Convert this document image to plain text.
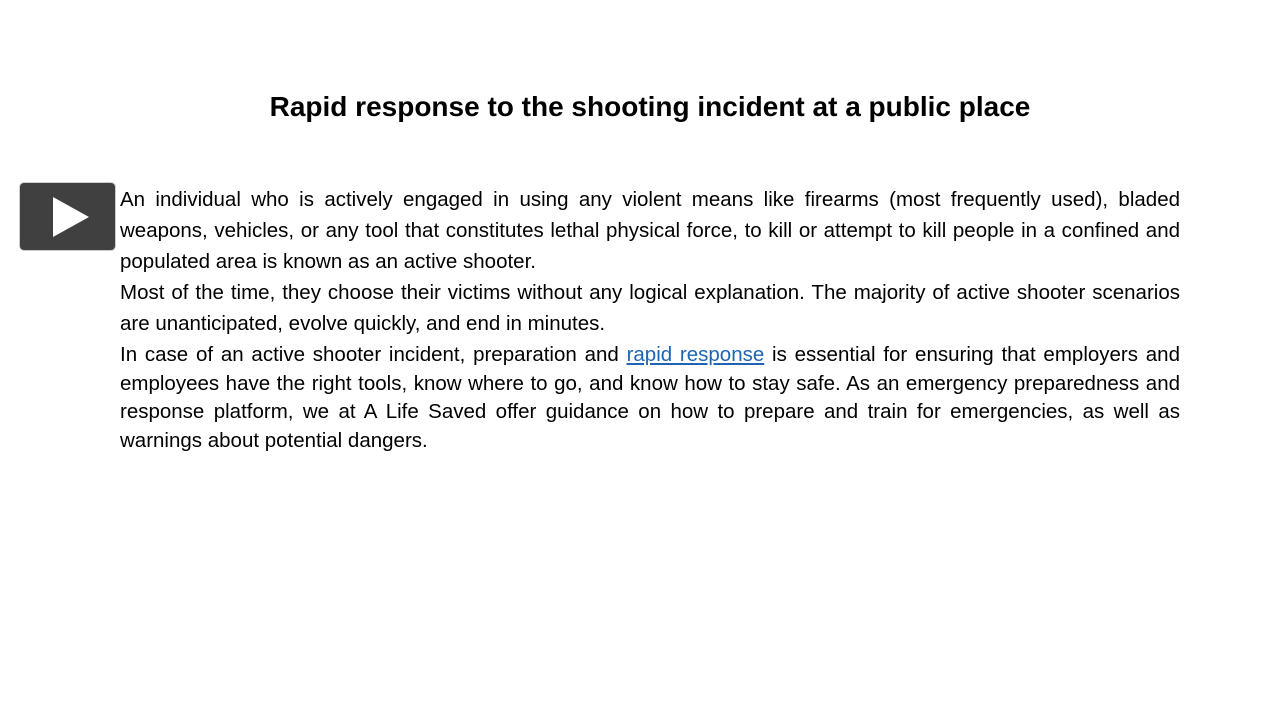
Rapid response to the shooting incident at a public place

An individual who is actively engaged in using any violent means like firearms (most frequently used), bladed weapons, vehicles, or any tool that constitutes lethal physical force, to kill or attempt to kill people in a confined and populated area is known as an active shooter.

Most of the time, they choose their victims without any logical explanation. The majority of active shooter scenarios are unanticipated, evolve quickly, and end in minutes.

In case of an active shooter incident, preparation and rapid response is essential for ensuring that employers and employees have the right tools, know where to go, and know how to stay safe. As an emergency preparedness and response platform, we at A Life Saved offer guidance on how to prepare and train for emergencies, as well as warnings about potential dangers.
